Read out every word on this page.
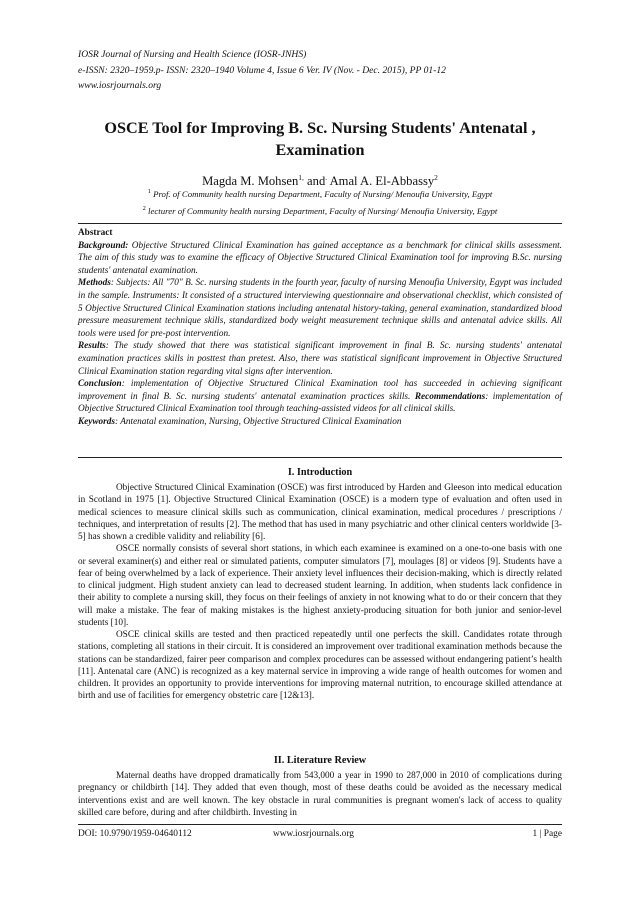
IOSR Journal of Nursing and Health Science (IOSR-JNHS)
e-ISSN: 2320–1959.p- ISSN: 2320–1940 Volume 4, Issue 6 Ver. IV (Nov. - Dec. 2015), PP 01-12
www.iosrjournals.org
OSCE Tool for Improving B. Sc. Nursing Students' Antenatal , Examination
Magda M. Mohsen$^{1,}$ and. Amal A. El-Abbassy$^2$
$^1$ Prof. of Community health nursing Department, Faculty of Nursing/ Menoufia University, Egypt
$^2$ lecturer of Community health nursing Department, Faculty of Nursing/ Menoufia University, Egypt

Abstract

Background: Objective Structured Clinical Examination has gained acceptance as a benchmark for clinical skills assessment. The aim of this study was to examine the efficacy of Objective Structured Clinical Examination tool for improving B.Sc. nursing students' antenatal examination.

Methods: Subjects: All "70" B. Sc. nursing students in the fourth year, faculty of nursing Menoufia University, Egypt was included in the sample. Instruments: It consisted of a structured interviewing questionnaire and observational checklist, which consisted of 5 Objective Structured Clinical Examination stations including antenatal history-taking, general examination, standardized blood pressure measurement technique skills, standardized body weight measurement technique skills and antenatal advice skills. All tools were used for pre-post intervention.

Results: The study showed that there was statistical significant improvement in final B. Sc. nursing students' antenatal examination practices skills in posttest than pretest. Also, there was statistical significant improvement in Objective Structured Clinical Examination station regarding vital signs after intervention.

Conclusion: implementation of Objective Structured Clinical Examination tool has succeeded in achieving significant improvement in final B. Sc. nursing students' antenatal examination practices skills. Recommendations: implementation of Objective Structured Clinical Examination tool through teaching-assisted videos for all clinical skills.

Keywords: Antenatal examination, Nursing, Objective Structured Clinical Examination

I. Introduction

Objective Structured Clinical Examination (OSCE) was first introduced by Harden and Gleeson into medical education in Scotland in 1975 [1]. Objective Structured Clinical Examination (OSCE) is a modern type of evaluation and often used in medical sciences to measure clinical skills such as communication, clinical examination, medical procedures / prescriptions / techniques, and interpretation of results [2]. The method that has used in many psychiatric and other clinical centers worldwide [3-5] has shown a credible validity and reliability [6].

OSCE normally consists of several short stations, in which each examinee is examined on a one-to-one basis with one or several examiner(s) and either real or simulated patients, computer simulators [7], moulages [8] or videos [9]. Students have a fear of being overwhelmed by a lack of experience. Their anxiety level influences their decision-making, which is directly related to clinical judgment. High student anxiety can lead to decreased student learning. In addition, when students lack confidence in their ability to complete a nursing skill, they focus on their feelings of anxiety in not knowing what to do or their concern that they will make a mistake. The fear of making mistakes is the highest anxiety-producing situation for both junior and senior-level students [10].

OSCE clinical skills are tested and then practiced repeatedly until one perfects the skill. Candidates rotate through stations, completing all stations in their circuit. It is considered an improvement over traditional examination methods because the stations can be standardized, fairer peer comparison and complex procedures can be assessed without endangering patient’s health [11]. Antenatal care (ANC) is recognized as a key maternal service in improving a wide range of health outcomes for women and children. It provides an opportunity to provide interventions for improving maternal nutrition, to encourage skilled attendance at birth and use of facilities for emergency obstetric care [12&13].

II. Literature Review

Maternal deaths have dropped dramatically from 543,000 a year in 1990 to 287,000 in 2010 of complications during pregnancy or childbirth [14]. They added that even though, most of these deaths could be avoided as the necessary medical interventions exist and are well known. The key obstacle in rural communities is pregnant women's lack of access to quality skilled care before, during and after childbirth. Investing in

DOI: 10.9790/1959-04640112	www.iosrjournals.org	1 | Page
